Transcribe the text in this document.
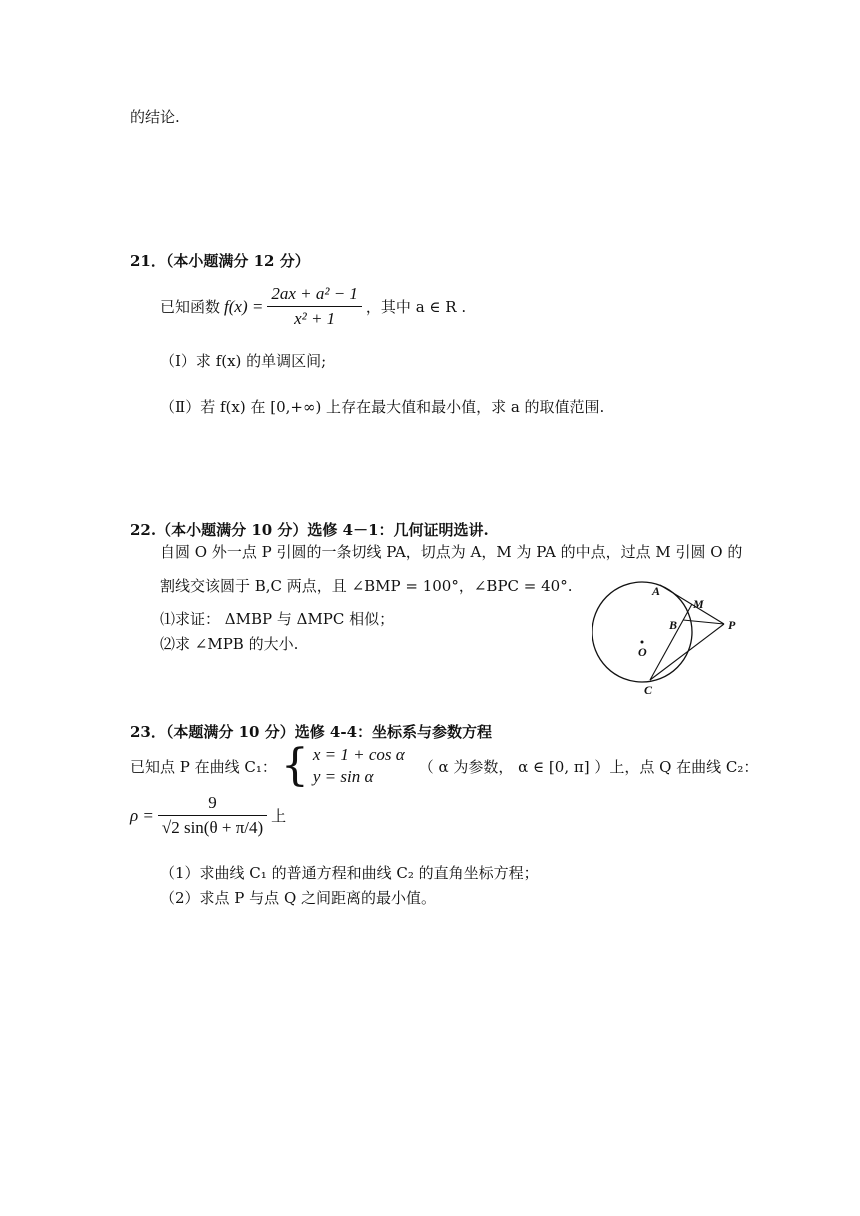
的结论.
21．（本小题满分 12 分）
已知函数 $f(x) = \frac{\text{2ax + a² − 1}}{\text{x² + 1}}$ ，其中 a ∈ R .
（Ⅰ）求 f(x) 的单调区间;
（Ⅱ）若 f(x) 在 [0,+∞) 上存在最大值和最小值，求 a 的取值范围.
22.（本小题满分 10 分）选修 4－1：几何证明选讲.
自圆 O 外一点 P 引圆的一条切线 PA，切点为 A，M 为 PA 的中点，过点 M 引圆 O 的
割线交该圆于 B,C 两点，且 ∠BMP = 100°，∠BPC = 40°.
⑴求证： ΔMBP 与 ΔMPC 相似；
⑵求 ∠MPB 的大小.
A
M
B	P
O
C
23．（本题满分 10 分）选修 4-4：坐标系与参数方程
已知点 P 在曲线 C₁： { x = 1 + cos α
y = sin α
（ α 为参数， α ∈ [0, π] ）上，点 Q 在曲线 C₂：
$\rho = \frac{9}{√2 \sin(\theta + \pi/4)}$ 上
（1）求曲线 C₁ 的普通方程和曲线 C₂ 的直角坐标方程；
（2）求点 P 与点 Q 之间距离的最小值。
